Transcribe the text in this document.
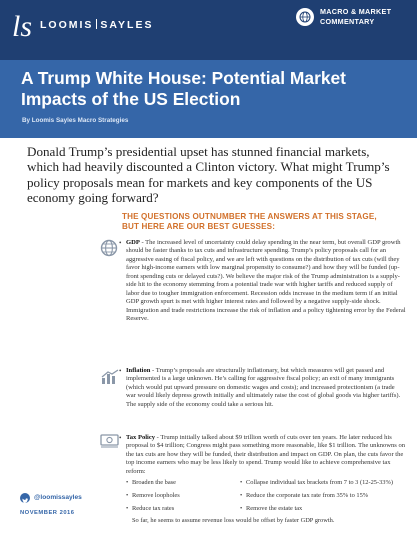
ls LOOMIS SAYLES
MACRO & MARKET
COMMENTARY
A Trump White House: Potential Market Impacts of the US Election
By Loomis Sayles Macro Strategies

Donald Trump’s presidential upset has stunned financial markets, which had heavily discounted a Clinton victory. What might Trump’s policy proposals mean for markets and key components of the US economy going forward?

THE QUESTIONS OUTNUMBER THE ANSWERS AT THIS STAGE,
BUT HERE ARE OUR BEST GUESSES:
• GDP - The increased level of uncertainty could delay spending in the near term, but overall GDP growth should be faster thanks to tax cuts and infrastructure spending. Trump’s policy proposals call for an aggressive easing of fiscal policy, and we are left with questions on the distribution of tax cuts (will they favor high-income earners with low marginal propensity to consume?) and how they will be funded (up-front spending cuts or delayed cuts?). We believe the major risk of the Trump administration is a supply-side hit to the economy stemming from a potential trade war with higher tariffs and reduced supply of labor due to tougher immigration enforcement. Recession odds increase in the medium term if an initial GDP growth spurt is met with higher interest rates and followed by a negative supply-side shock. Immigration and trade restrictions increase the risk of inflation and a policy tightening error by the Federal Reserve.
• Inflation - Trump’s proposals are structurally inflationary, but which measures will get passed and implemented is a large unknown. He’s calling for aggressive fiscal policy; an exit of many immigrants (which would put upward pressure on domestic wages and costs); and increased protectionism (a trade war would likely depress growth initially and ultimately raise the cost of global goods via higher tariffs). The supply side of the economy could take a serious hit.
• Tax Policy - Trump initially talked about $9 trillion worth of cuts over ten years. He later reduced his proposal to $4 trillion; Congress might pass something more reasonable, like $1 trillion. The unknowns on the tax cuts are how they will be funded, their distribution and impact on GDP. On plan, the cuts favor the top income earners who may be less likely to spend. Trump would like to achieve comprehensive tax reform:
• Broaden the base
• Remove loopholes
• Reduce tax rates
• Collapse individual tax brackets from 7 to 3 (12-25-33%)
• Reduce the corporate tax rate from 35% to 15%
• Remove the estate tax

So far, he seems to assume revenue loss would be offset by faster GDP growth.

@loomissayles
NOVEMBER 2016
